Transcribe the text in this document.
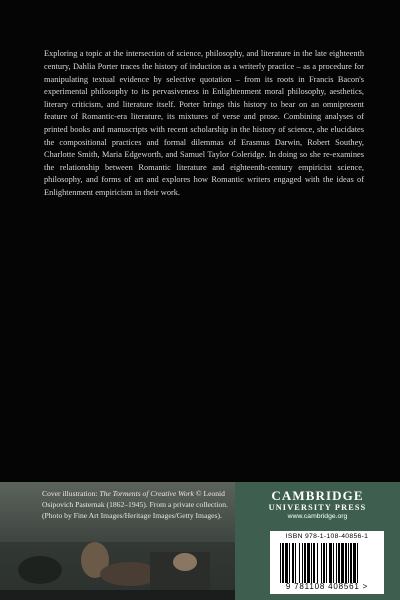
Exploring a topic at the intersection of science, philosophy, and literature in the late eighteenth century, Dahlia Porter traces the history of induction as a writerly practice – as a procedure for manipulating textual evidence by selective quotation – from its roots in Francis Bacon's experimental philosophy to its pervasiveness in Enlightenment moral philosophy, aesthetics, literary criticism, and literature itself. Porter brings this history to bear on an omnipresent feature of Romantic-era literature, its mixtures of verse and prose. Combining analyses of printed books and manuscripts with recent scholarship in the history of science, she elucidates the compositional practices and formal dilemmas of Erasmus Darwin, Robert Southey, Charlotte Smith, Maria Edgeworth, and Samuel Taylor Coleridge. In doing so she re-examines the relationship between Romantic literature and eighteenth-century empiricist science, philosophy, and forms of art and explores how Romantic writers engaged with the ideas of Enlightenment empiricism in their work.

Cover illustration: The Torments of Creative Work © Leonid Osipovich Pasternak (1862–1945). From a private collection. (Photo by Fine Art Images/Heritage Images/Getty Images).
CAMBRIDGE
UNIVERSITY PRESS
www.cambridge.org
ISBN 978-1-108-40856-1
9 781108 408561 >
